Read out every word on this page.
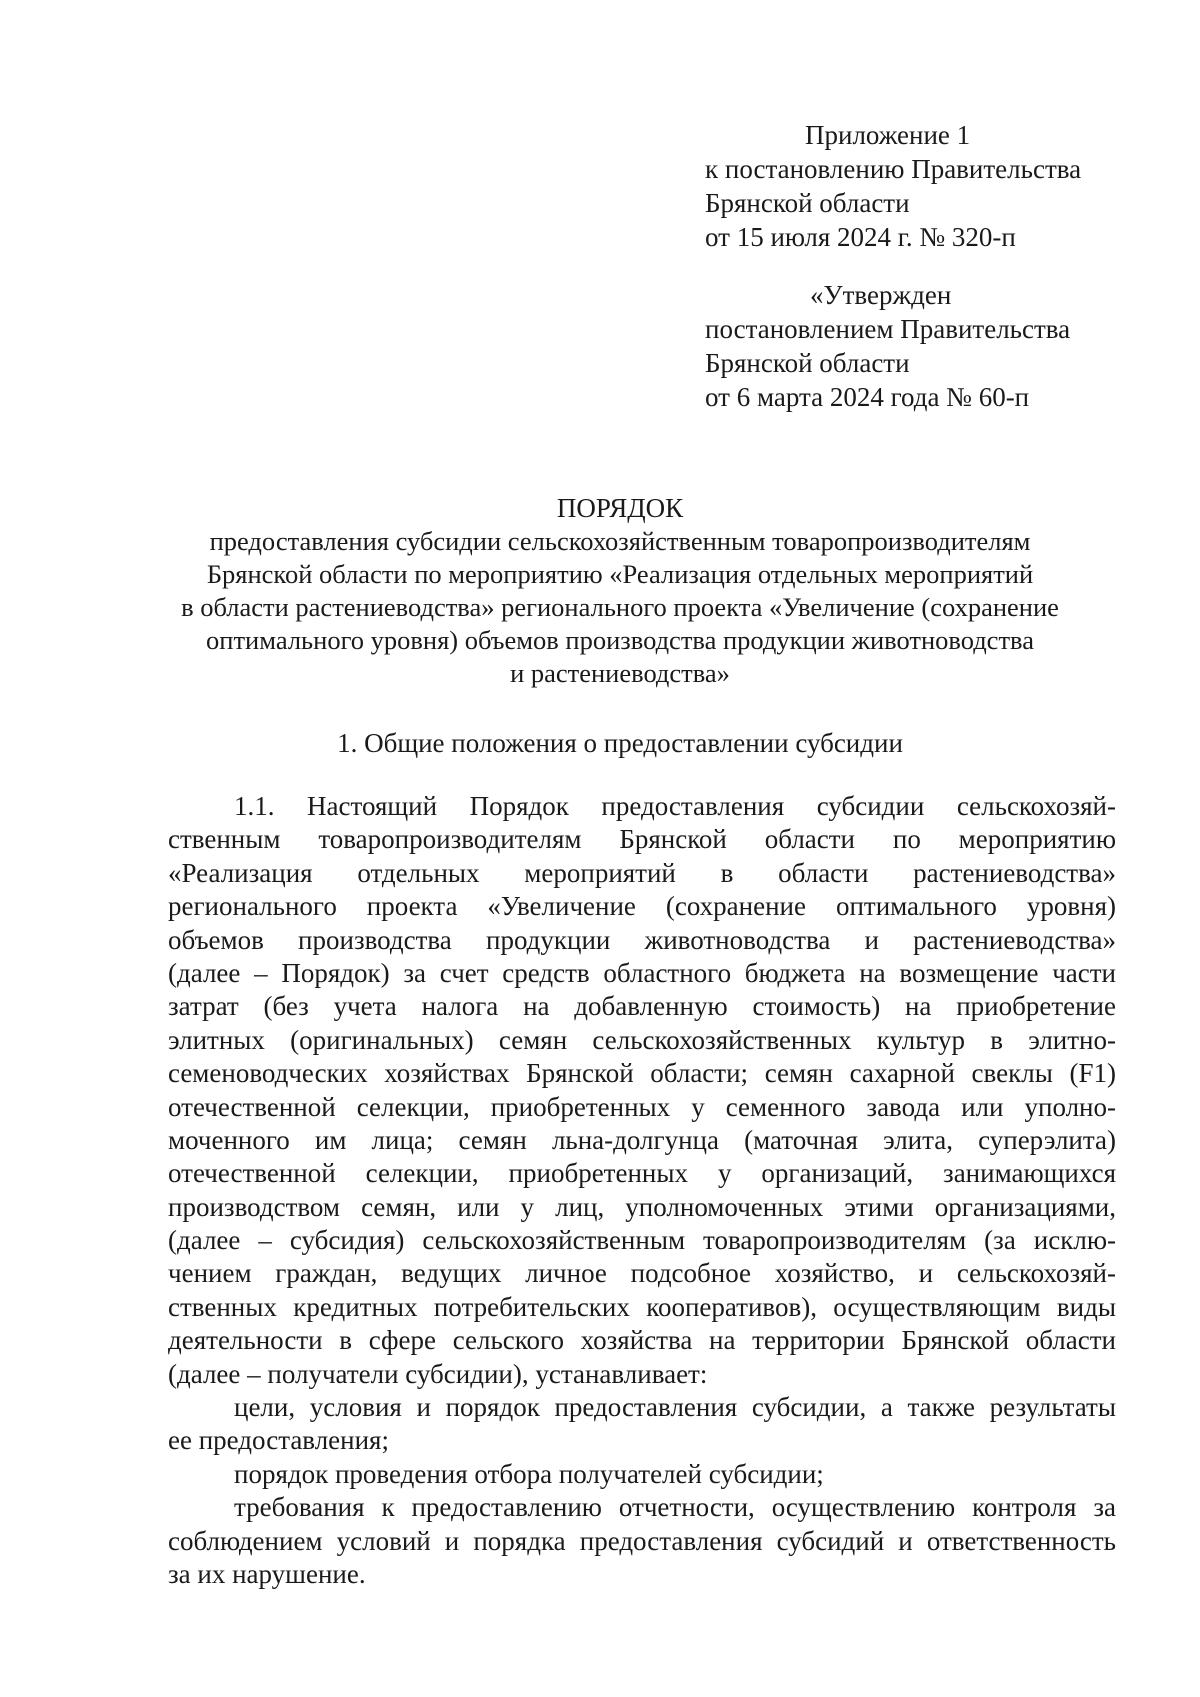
Приложение 1
к постановлению Правительства
Брянской области
от 15 июля 2024 г. № 320-п
«Утвержден
постановлением Правительства
Брянской области
от 6 марта 2024 года № 60-п
ПОРЯДОК
предоставления субсидии сельскохозяйственным товаропроизводителям
Брянской области по мероприятию «Реализация отдельных мероприятий
в области растениеводства» регионального проекта «Увеличение (сохранение
оптимального уровня) объемов производства продукции животноводства
и растениеводства»
1. Общие положения о предоставлении субсидии
1.1. Настоящий Порядок предоставления субсидии сельскохозяй-
ственным товаропроизводителям Брянской области по мероприятию
«Реализация отдельных мероприятий в области растениеводства»
регионального проекта «Увеличение (сохранение оптимального уровня)
объемов производства продукции животноводства и растениеводства»
(далее – Порядок) за счет средств областного бюджета на возмещение части
затрат (без учета налога на добавленную стоимость) на приобретение
элитных (оригинальных) семян сельскохозяйственных культур в элитно-
семеноводческих хозяйствах Брянской области; семян сахарной свеклы (F1)
отечественной селекции, приобретенных у семенного завода или уполно-
моченного им лица; семян льна-долгунца (маточная элита, суперэлита)
отечественной селекции, приобретенных у организаций, занимающихся
производством семян, или у лиц, уполномоченных этими организациями,
(далее – субсидия) сельскохозяйственным товаропроизводителям (за исклю-
чением граждан, ведущих личное подсобное хозяйство, и сельскохозяй-
ственных кредитных потребительских кооперативов), осуществляющим виды
деятельности в сфере сельского хозяйства на территории Брянской области
(далее – получатели субсидии), устанавливает:
цели, условия и порядок предоставления субсидии, а также результаты
ее предоставления;
порядок проведения отбора получателей субсидии;
требования к предоставлению отчетности, осуществлению контроля за
соблюдением условий и порядка предоставления субсидий и ответственность
за их нарушение.
